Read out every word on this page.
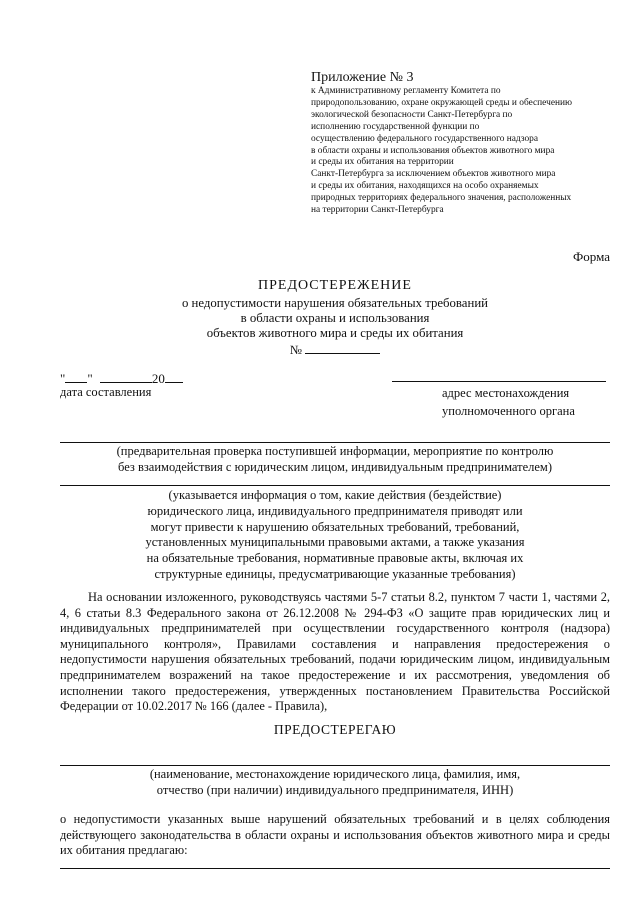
Приложение № 3
к Административному регламенту Комитета по
природопользованию, охране окружающей среды и обеспечению
экологической безопасности Санкт-Петербурга по
исполнению государственной функции по
осуществлению федерального государственного надзора
в области охраны и использования объектов животного мира
и среды их обитания на территории
Санкт-Петербурга за исключением объектов животного мира
и среды их обитания, находящихся на особо охраняемых
природных территориях федерального значения, расположенных
на территории Санкт-Петербурга
Форма
ПРЕДОСТЕРЕЖЕНИЕ
о недопустимости нарушения обязательных требований
в области охраны и использования
объектов животного мира и среды их обитания
№
" "	20
дата составления	адрес местонахождения
уполномоченного органа
(предварительная проверка поступившей информации, мероприятие по контролю
без взаимодействия с юридическим лицом, индивидуальным предпринимателем)
(указывается информация о том, какие действия (бездействие)
юридического лица, индивидуального предпринимателя приводят или
могут привести к нарушению обязательных требований, требований,
установленных муниципальными правовыми актами, а также указания
на обязательные требования, нормативные правовые акты, включая их
структурные единицы, предусматривающие указанные требования)
На основании изложенного, руководствуясь частями 5-7 статьи 8.2, пунктом 7 части 1, частями 2, 4, 6 статьи 8.3 Федерального закона от 26.12.2008 № 294-ФЗ «О защите прав юридических лиц и индивидуальных предпринимателей при осуществлении государственного контроля (надзора) муниципального контроля», Правилами составления и направления предостережения о недопустимости нарушения обязательных требований, подачи юридическим лицом, индивидуальным предпринимателем возражений на такое предостережение и их рассмотрения, уведомления об исполнении такого предостережения, утвержденных постановлением Правительства Российской Федерации от 10.02.2017 № 166 (далее - Правила),
ПРЕДОСТЕРЕГАЮ
(наименование, местонахождение юридического лица, фамилия, имя,
отчество (при наличии) индивидуального предпринимателя, ИНН)
о недопустимости указанных выше нарушений обязательных требований и в целях соблюдения действующего законодательства в области охраны и использования объектов животного мира и среды их обитания предлагаю:
